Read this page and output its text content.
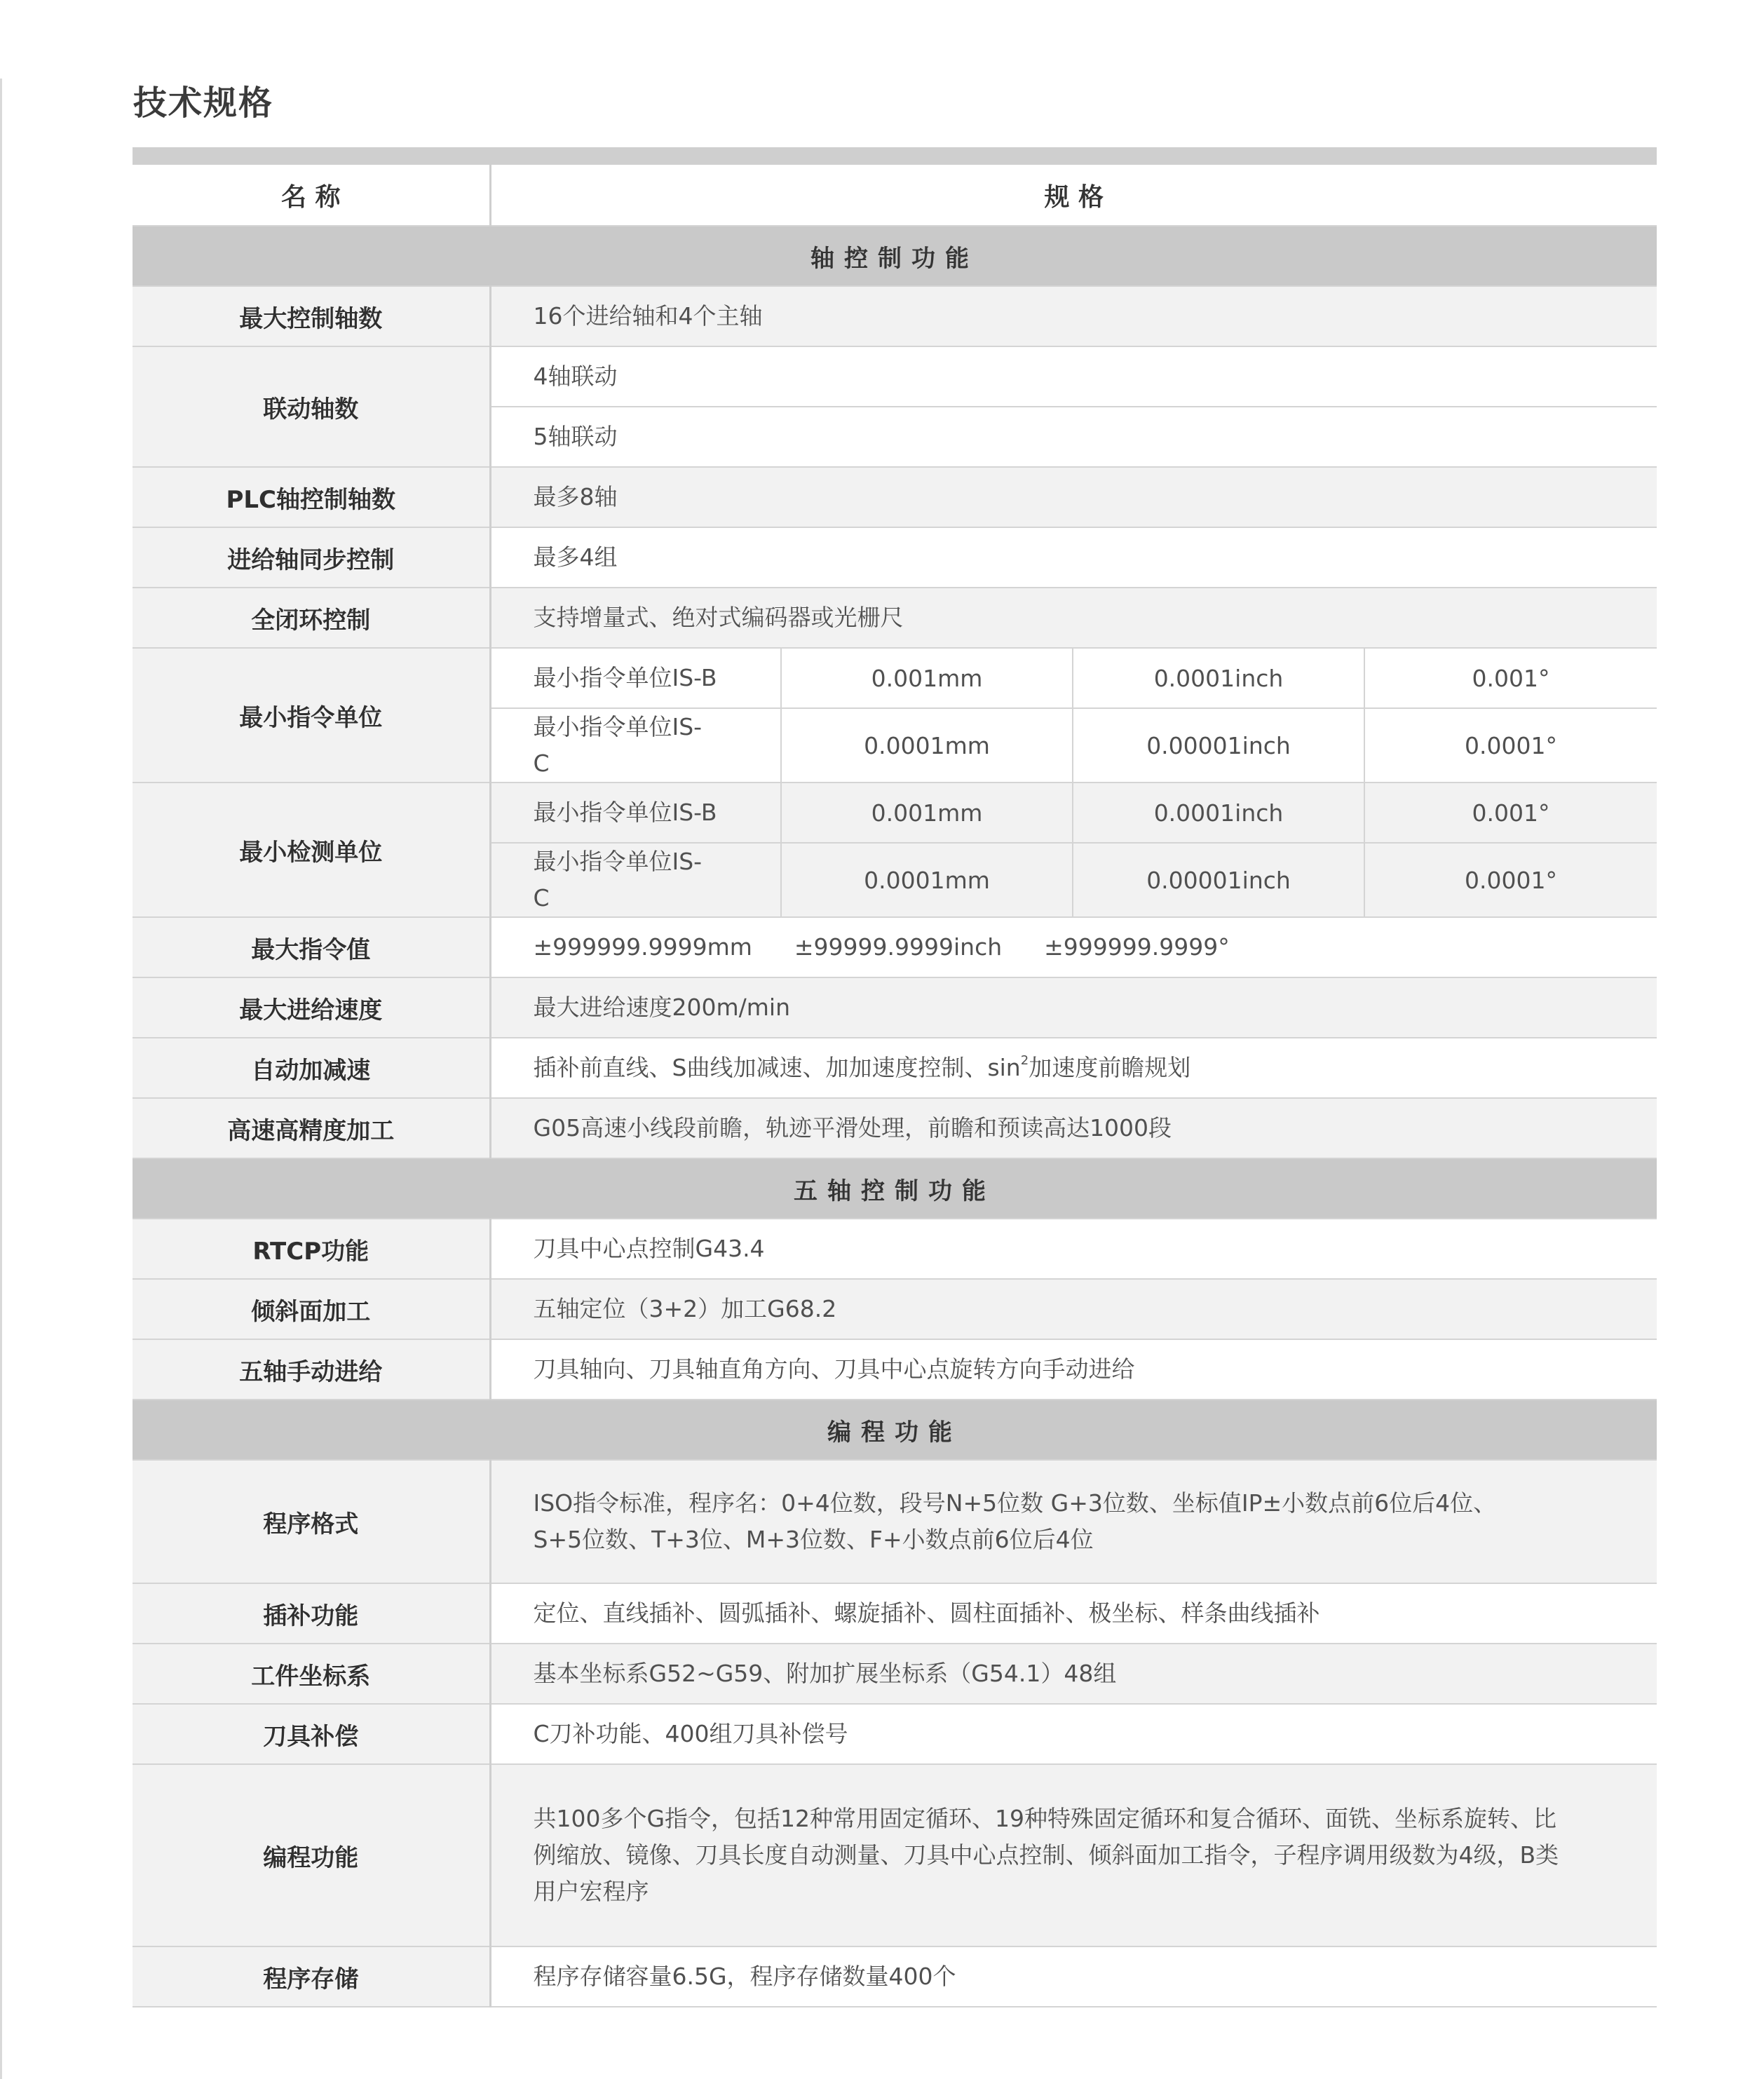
技术规格
名 称	规 格			
轴控制功能				
最大控制轴数	16个进给轴和4个主轴			
联动轴数	4轴联动			
	5轴联动			
PLC轴控制轴数	最多8轴			
进给轴同步控制	最多4组			
全闭环控制	支持增量式、绝对式编码器或光栅尺			
最小指令单位	最小指令单位IS-B	0.001mm	0.0001inch	0.001°
	最小指令单位IS-C	0.0001mm	0.00001inch	0.0001°
最小检测单位	最小指令单位IS-B	0.001mm	0.0001inch	0.001°
	最小指令单位IS-C	0.0001mm	0.00001inch	0.0001°
最大指令值	±999999.9999mm ±99999.9999inch ±999999.9999°			
最大进给速度	最大进给速度200m/min			
自动加减速	插补前直线、S曲线加减速、加加速度控制、$\sin^2$加速度前瞻规划			
高速高精度加工	G05高速小线段前瞻，轨迹平滑处理，前瞻和预读高达1000段			
五轴控制功能				
RTCP功能	刀具中心点控制G43.4			
倾斜面加工	五轴定位（3+2）加工G68.2			
五轴手动进给	刀具轴向、刀具轴直角方向、刀具中心点旋转方向手动进给			
编程功能				
程序格式	ISO指令标准，程序名：0+4位数，段号N+5位数 G+3位数、坐标值IP±小数点前6位后4位、
S+5位数、T+3位、M+3位数、F+小数点前6位后4位			

插补功能	定位、直线插补、圆弧插补、螺旋插补、圆柱面插补、极坐标、样条曲线插补			
工件坐标系	基本坐标系G52~G59、附加扩展坐标系（G54.1）48组			
刀具补偿	C刀补功能、400组刀具补偿号			
编程功能	共100多个G指令，包括12种常用固定循环、19种特殊固定循环和复合循环、面铣、坐标系旋转、比
例缩放、镜像、刀具长度自动测量、刀具中心点控制、倾斜面加工指令，子程序调用级数为4级，B类
用户宏程序			

程序存储	程序存储容量6.5G，程序存储数量400个			
